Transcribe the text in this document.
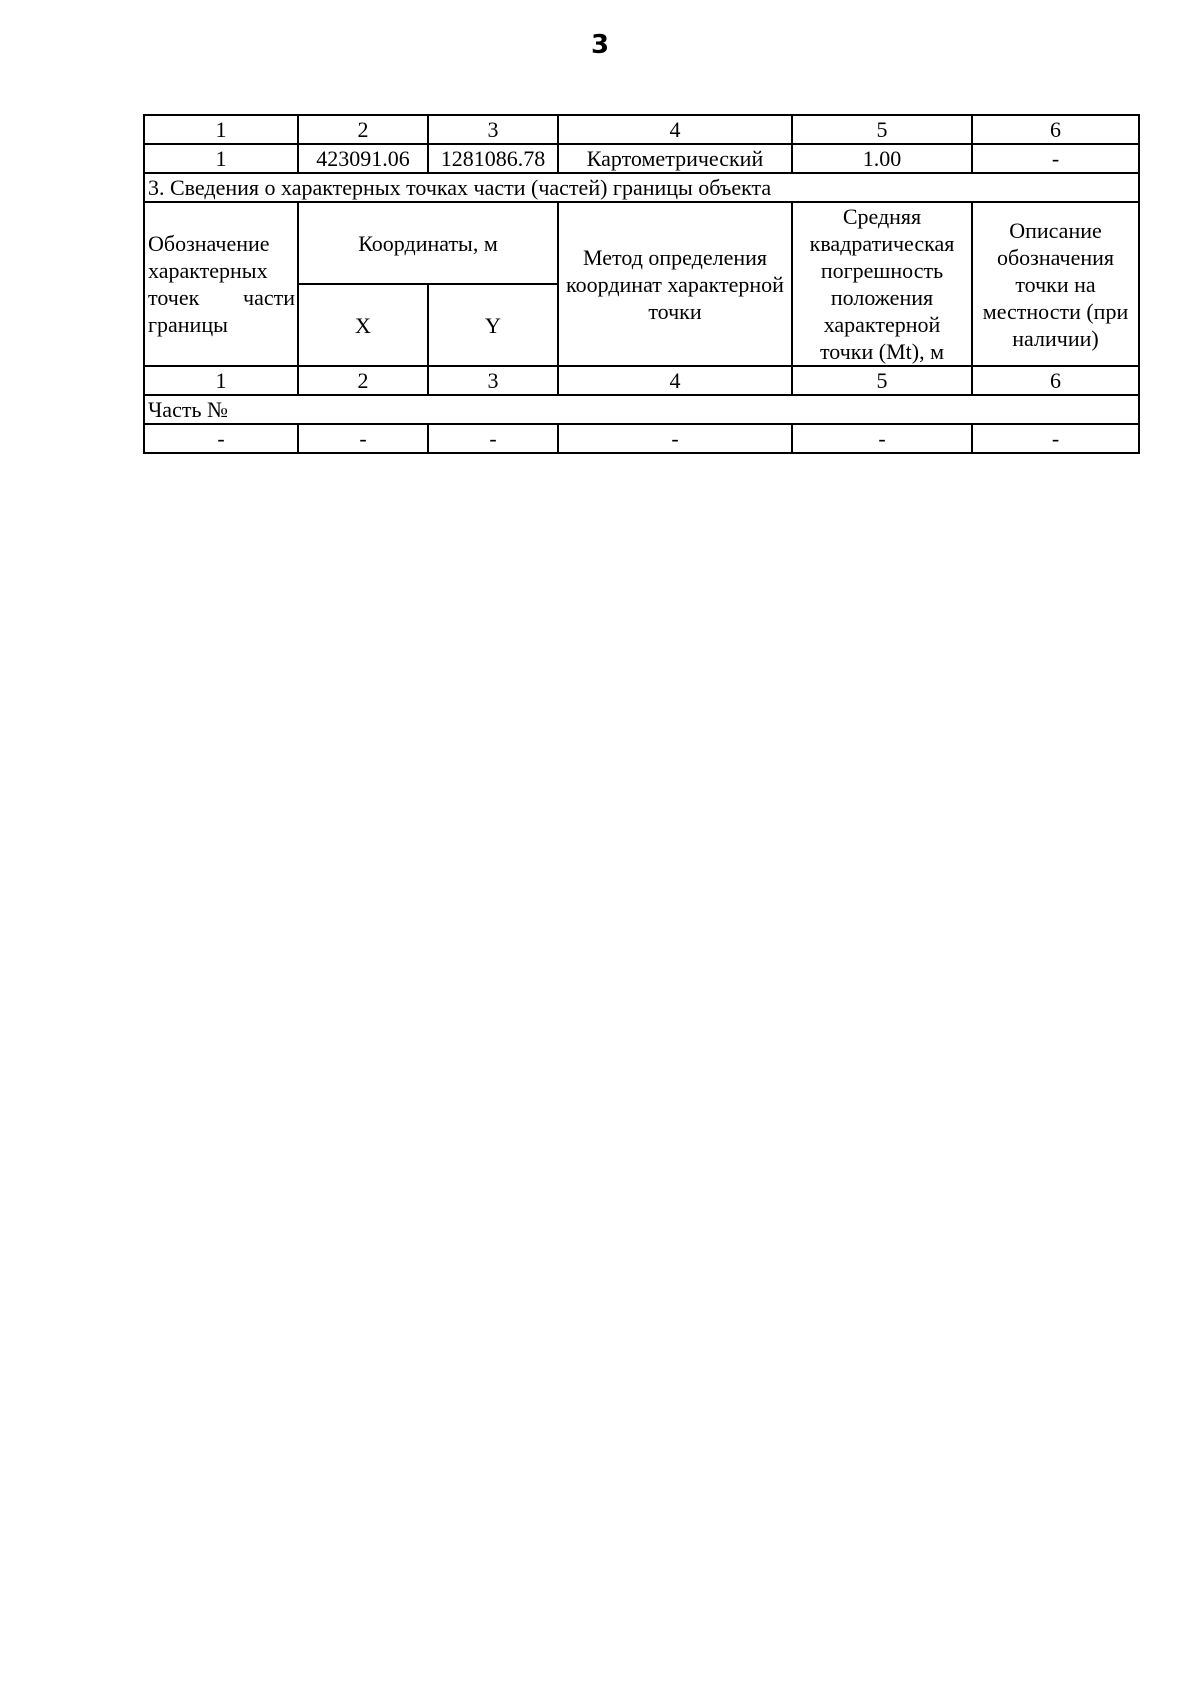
3
1	2	3	4	5	6
1	423091.06	1281086.78	Картометрический	1.00	-
3. Сведения о характерных точках части (частей) границы объекта					
Обозначение характерных точек части границы	Координаты, м		Метод определения координат характерной точки	Средняя квадратическая погрешность положения характерной точки (Mt), м	Описание обозначения точки на местности (при наличии)
	X	Y			
1	2	3	4	5	6
Часть №					
-	-	-	-	-	-
